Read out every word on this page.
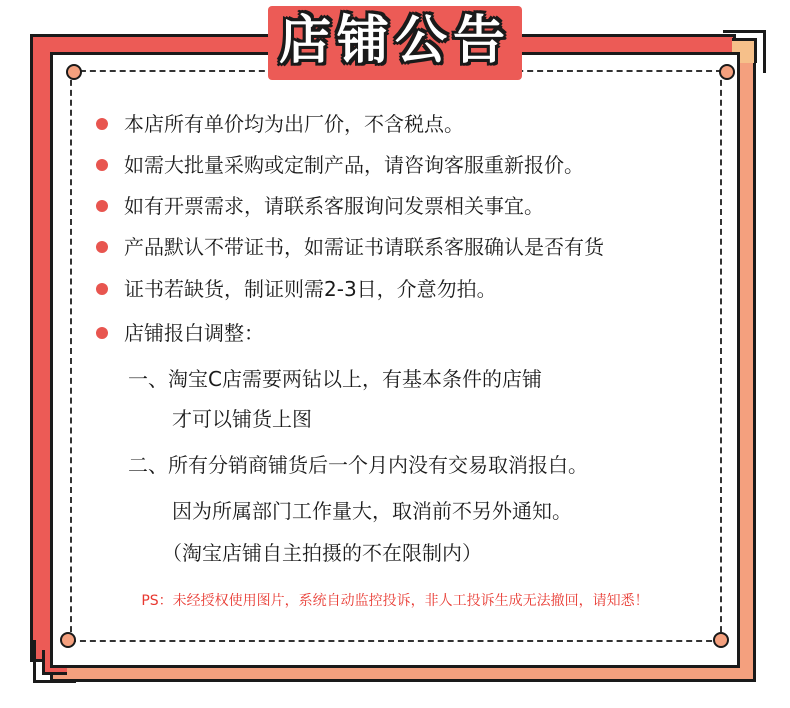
店铺公告
本店所有单价均为出厂价，不含税点。
如需大批量采购或定制产品，请咨询客服重新报价。
如有开票需求，请联系客服询问发票相关事宜。
产品默认不带证书，如需证书请联系客服确认是否有货
证书若缺货，制证则需2-3日，介意勿拍。
店铺报白调整：
一、淘宝C店需要两钻以上，有基本条件的店铺
才可以铺货上图
二、所有分销商铺货后一个月内没有交易取消报白。
因为所属部门工作量大，取消前不另外通知。
（淘宝店铺自主拍摄的不在限制内）
PS：未经授权使用图片，系统自动监控投诉，非人工投诉生成无法撤回，请知悉！
